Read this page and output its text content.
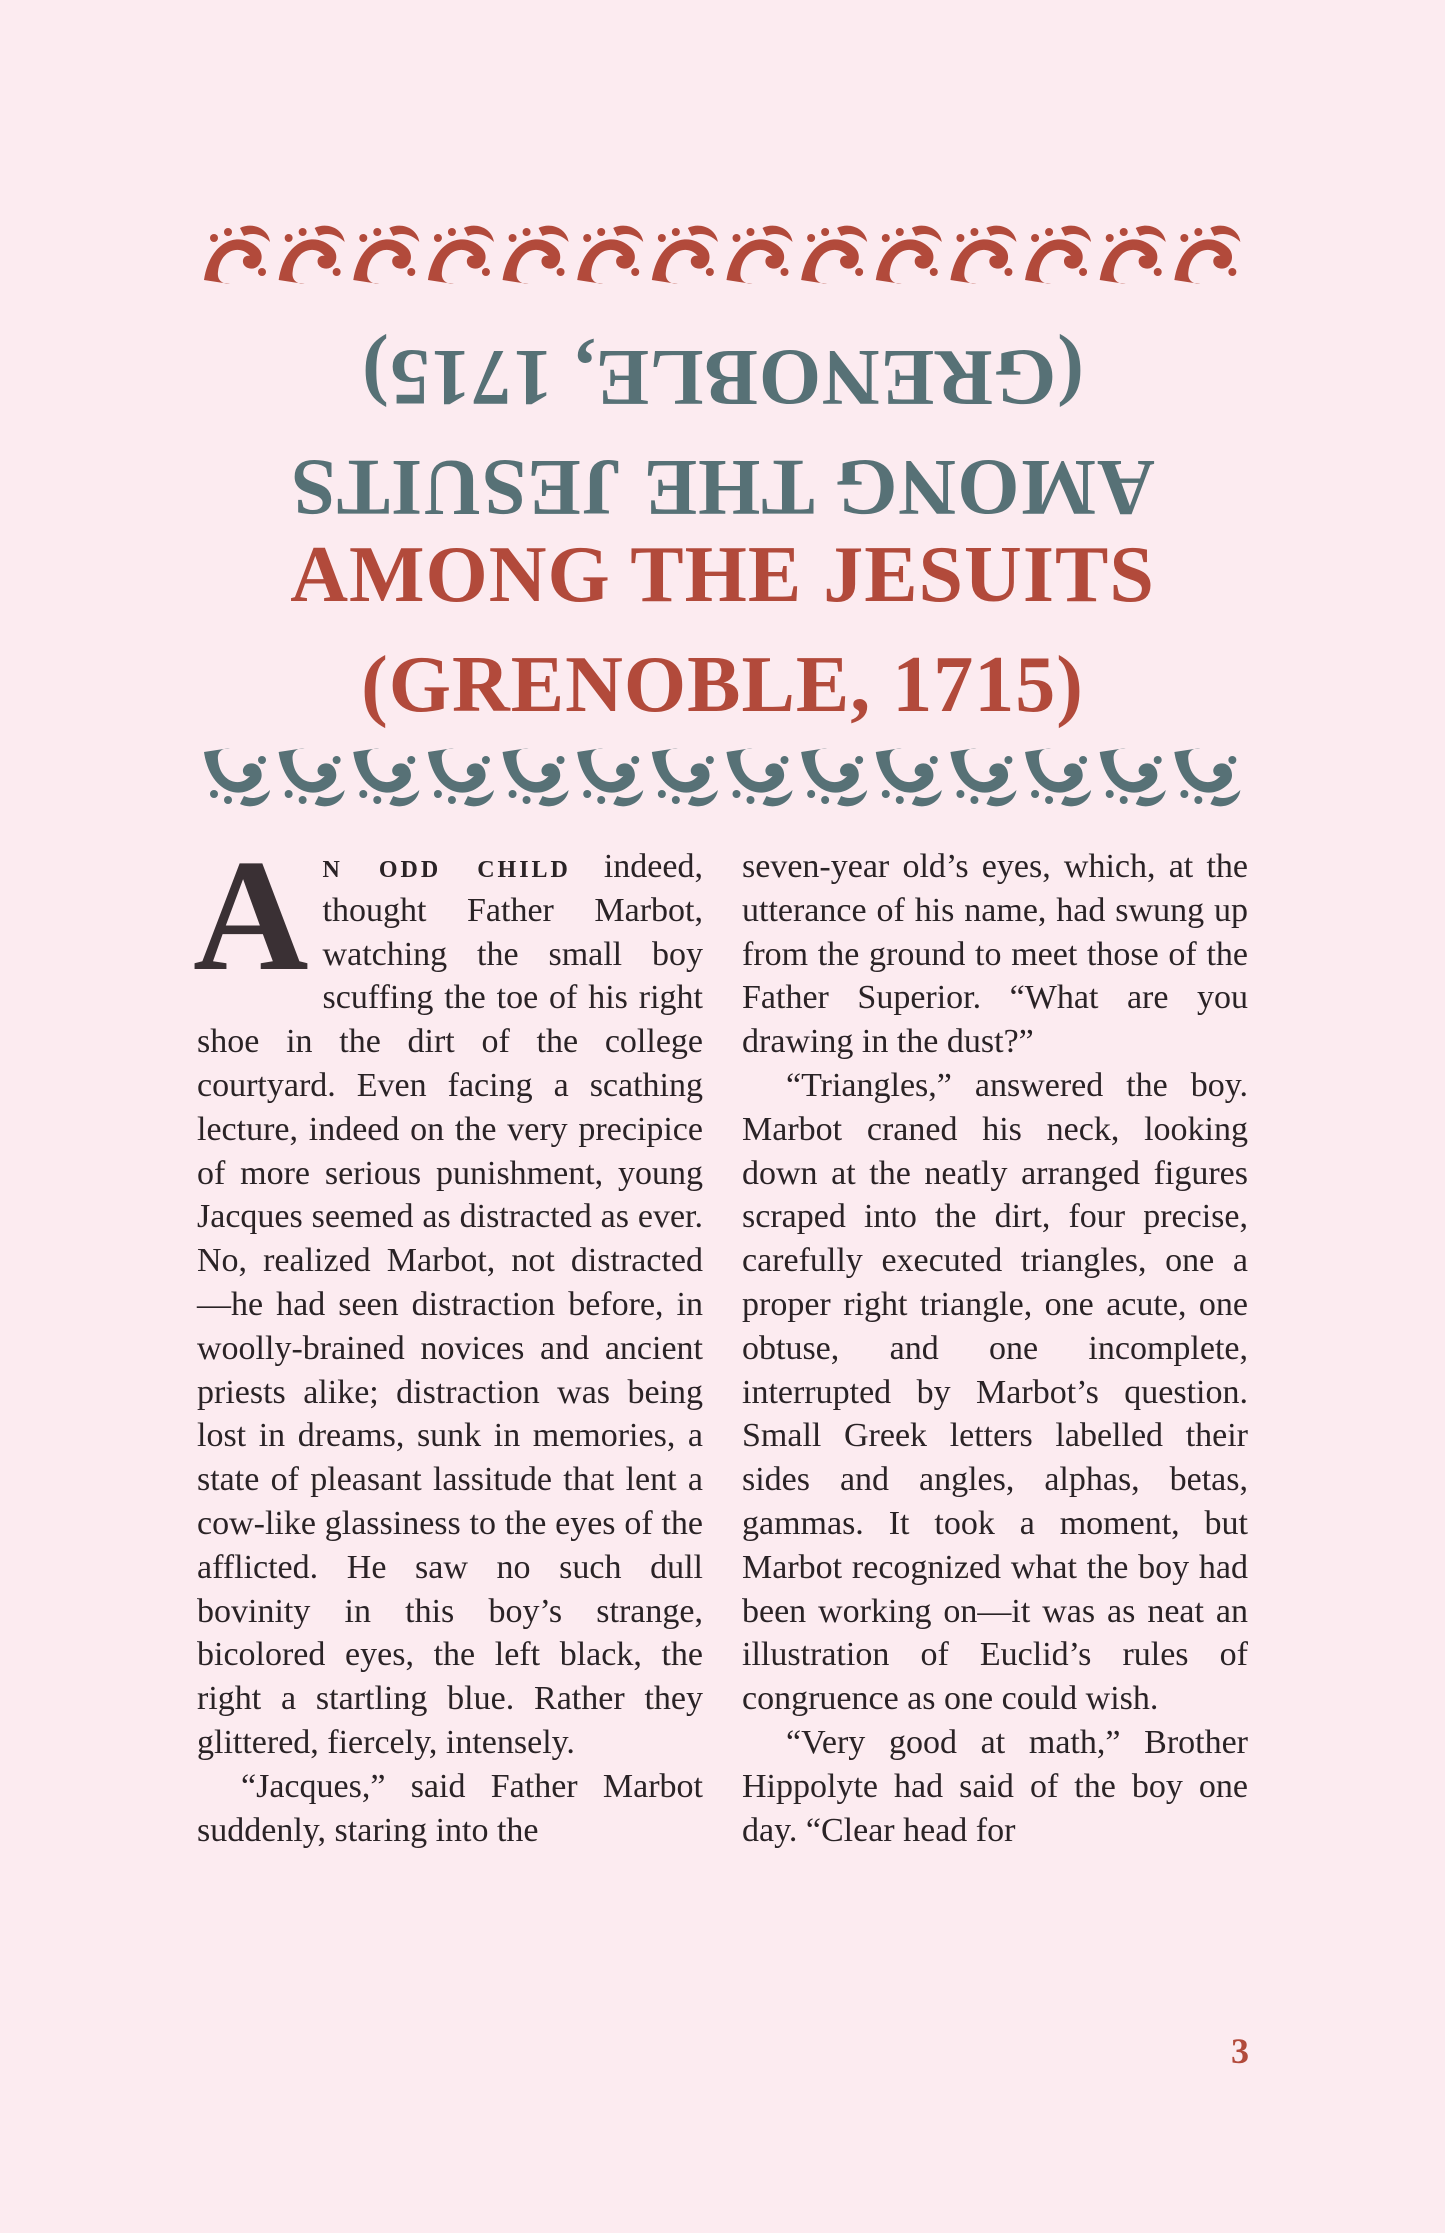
AMONG THE JESUITS
(GRENOBLE, 1715)
AMONG THE JESUITS
(GRENOBLE, 1715)

An odd child indeed, thought Father Marbot, watching the small boy scuffing the toe of his right shoe in the dirt of the college courtyard. Even facing a scathing lecture, indeed on the very precipice of more serious punishment, young Jacques seemed as distracted as ever. No, realized Marbot, not distracted—he had seen distraction before, in woolly-brained novices and ancient priests alike; distraction was being lost in dreams, sunk in memories, a state of pleasant lassitude that lent a cow-like glassiness to the eyes of the afflicted. He saw no such dull bovinity in this boy’s strange, bicolored eyes, the left black, the right a startling blue. Rather they glittered, fiercely, intensely.

“Jacques,” said Father Marbot suddenly, staring into the

seven-year old’s eyes, which, at the utterance of his name, had swung up from the ground to meet those of the Father Superior. “What are you drawing in the dust?”

“Triangles,” answered the boy. Marbot craned his neck, looking down at the neatly arranged figures scraped into the dirt, four precise, carefully executed triangles, one a proper right triangle, one acute, one obtuse, and one incomplete, interrupted by Marbot’s question. Small Greek letters labelled their sides and angles, alphas, betas, gammas. It took a moment, but Marbot recognized what the boy had been working on—it was as neat an illustration of Euclid’s rules of congruence as one could wish.

“Very good at math,” Brother Hippolyte had said of the boy one day. “Clear head for

3
